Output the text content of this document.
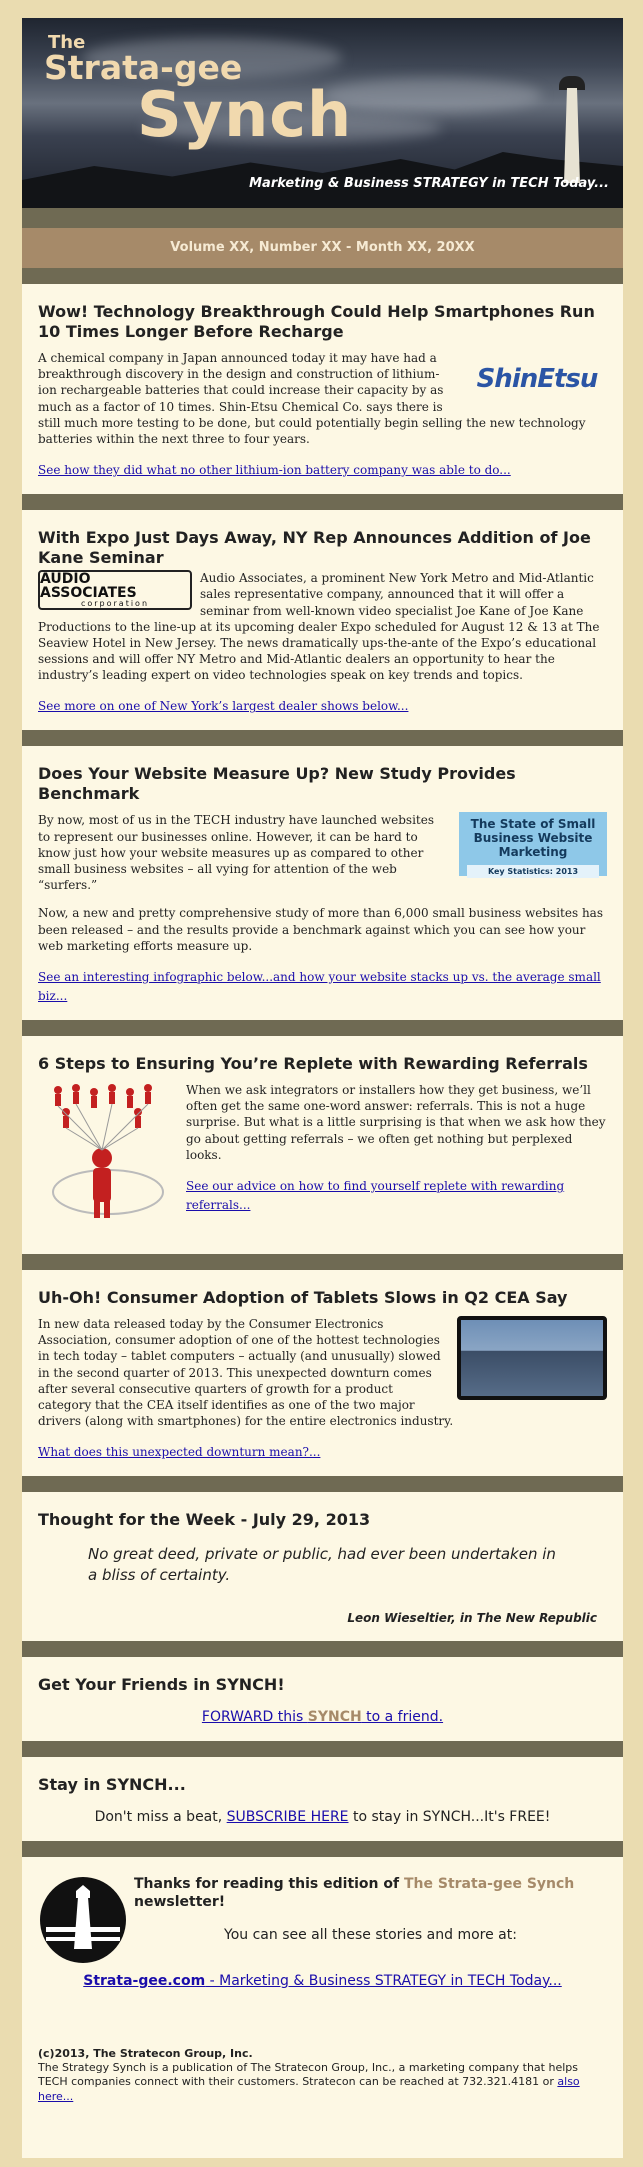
The
Strata-gee
Synch
Marketing & Business STRATEGY in TECH Today...
Volume XX, Number XX - Month XX, 20XX
Wow! Technology Breakthrough Could Help Smartphones Run 10 Times Longer Before Recharge
ShinEtsu

A chemical company in Japan announced today it may have had a breakthrough discovery in the design and construction of lithium-ion rechargeable batteries that could increase their capacity by as much as a factor of 10 times. Shin-Etsu Chemical Co. says there is still much more testing to be done, but could potentially begin selling the new technology batteries within the next three to four years.

See how they did what no other lithium-ion battery company was able to do...
With Expo Just Days Away, NY Rep Announces Addition of Joe Kane Seminar
AUDIO ASSOCIATES
corporation

Audio Associates, a prominent New York Metro and Mid-Atlantic sales representative company, announced that it will offer a seminar from well-known video specialist Joe Kane of Joe Kane Productions to the line-up at its upcoming dealer Expo scheduled for August 12 & 13 at The Seaview Hotel in New Jersey. The news dramatically ups-the-ante of the Expo’s educational sessions and will offer NY Metro and Mid-Atlantic dealers an opportunity to hear the industry’s leading expert on video technologies speak on key trends and topics.

See more on one of New York’s largest dealer shows below...
Does Your Website Measure Up? New Study Provides Benchmark
The State of Small Business Website Marketing
Key Statistics: 2013

By now, most of us in the TECH industry have launched websites to represent our businesses online. However, it can be hard to know just how your website measures up as compared to other small business websites – all vying for attention of the web “surfers.”

Now, a new and pretty comprehensive study of more than 6,000 small business websites has been released – and the results provide a benchmark against which you can see how your web marketing efforts measure up.

See an interesting infographic below...and how your website stacks up vs. the average small biz...
6 Steps to Ensuring You’re Replete with Rewarding Referrals

When we ask integrators or installers how they get business, we’ll often get the same one-word answer: referrals. This is not a huge surprise. But what is a little surprising is that when we ask how they go about getting referrals – we often get nothing but perplexed looks.

See our advice on how to find yourself replete with rewarding referrals...
Uh-Oh! Consumer Adoption of Tablets Slows in Q2 CEA Say

In new data released today by the Consumer Electronics Association, consumer adoption of one of the hottest technologies in tech today – tablet computers – actually (and unusually) slowed in the second quarter of 2013. This unexpected downturn comes after several consecutive quarters of growth for a product category that the CEA itself identifies as one of the two major drivers (along with smartphones) for the entire electronics industry.

What does this unexpected downturn mean?...
Thought for the Week - July 29, 2013
No great deed, private or public, had ever been undertaken in a bliss of certainty.
Leon Wieseltier, in The New Republic
Get Your Friends in SYNCH!
FORWARD this SYNCH to a friend.
Stay in SYNCH...
Don't miss a beat, SUBSCRIBE HERE to stay in SYNCH...It's FREE!
Thanks for reading this edition of The Strata-gee Synch newsletter!
You can see all these stories and more at:
Strata-gee.com - Marketing & Business STRATEGY in TECH Today...
(c)2013, The Stratecon Group, Inc.
The Strategy Synch is a publication of The Stratecon Group, Inc., a marketing company that helps TECH companies connect with their customers. Stratecon can be reached at 732.321.4181 or also here...
